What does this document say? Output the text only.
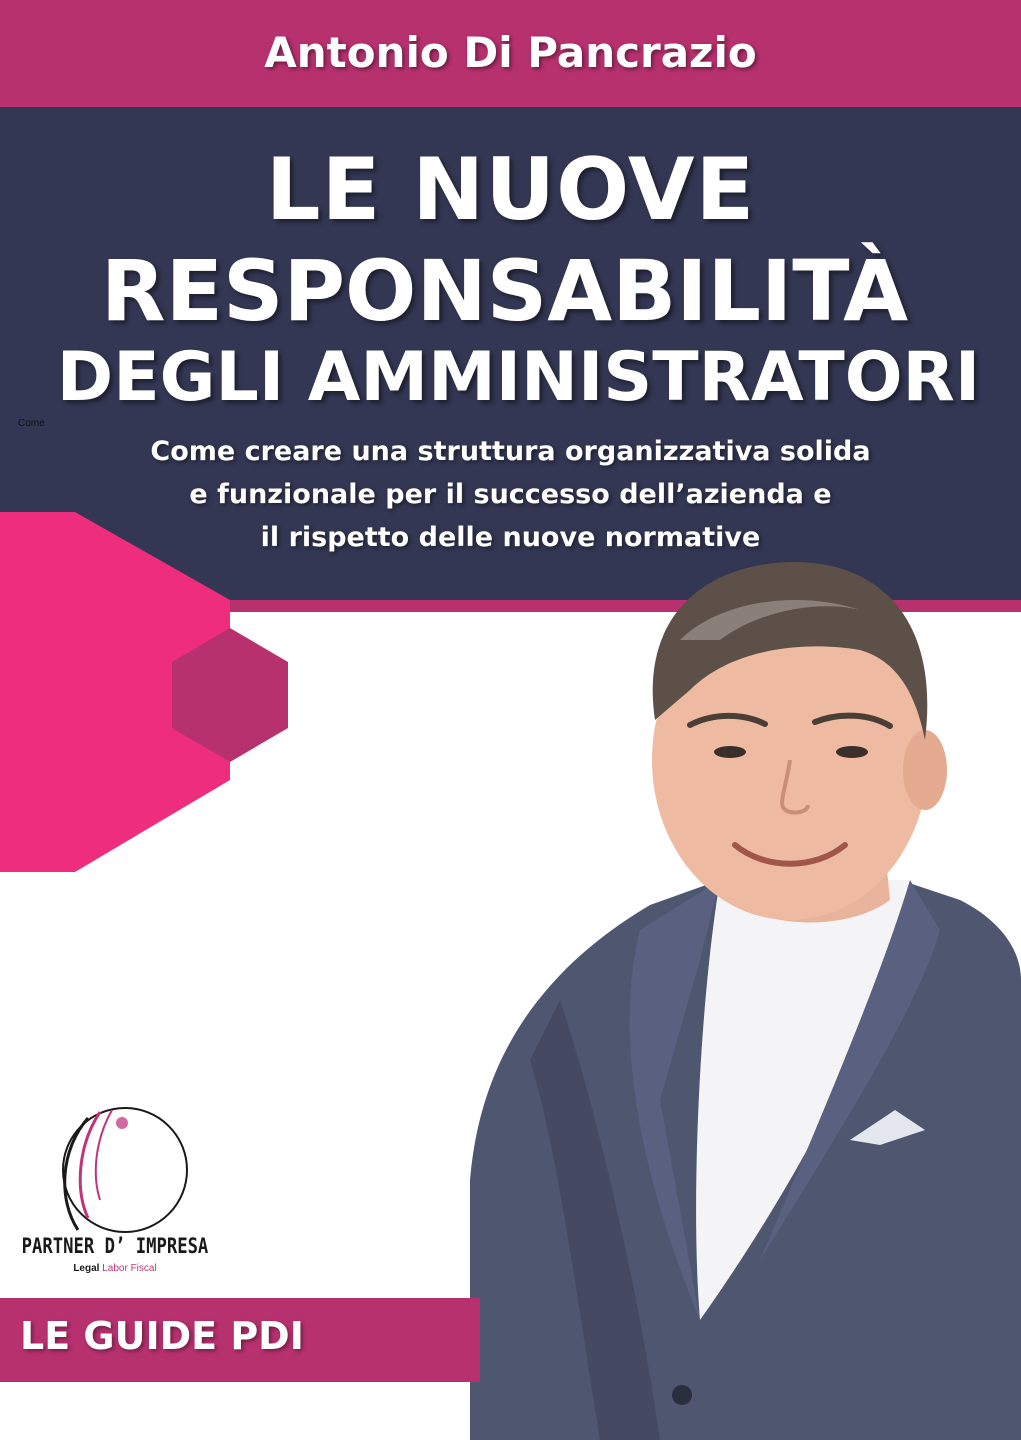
Antonio Di Pancrazio
LE NUOVE
RESPONSABILITÀ
DEGLI AMMINISTRATORI
Come
Come creare una struttura organizzativa solida
e funzionale per il successo dell’azienda e
il rispetto delle nuove normative
PARTNER D’ IMPRESA
Legal Labor Fiscal
LE GUIDE PDI
